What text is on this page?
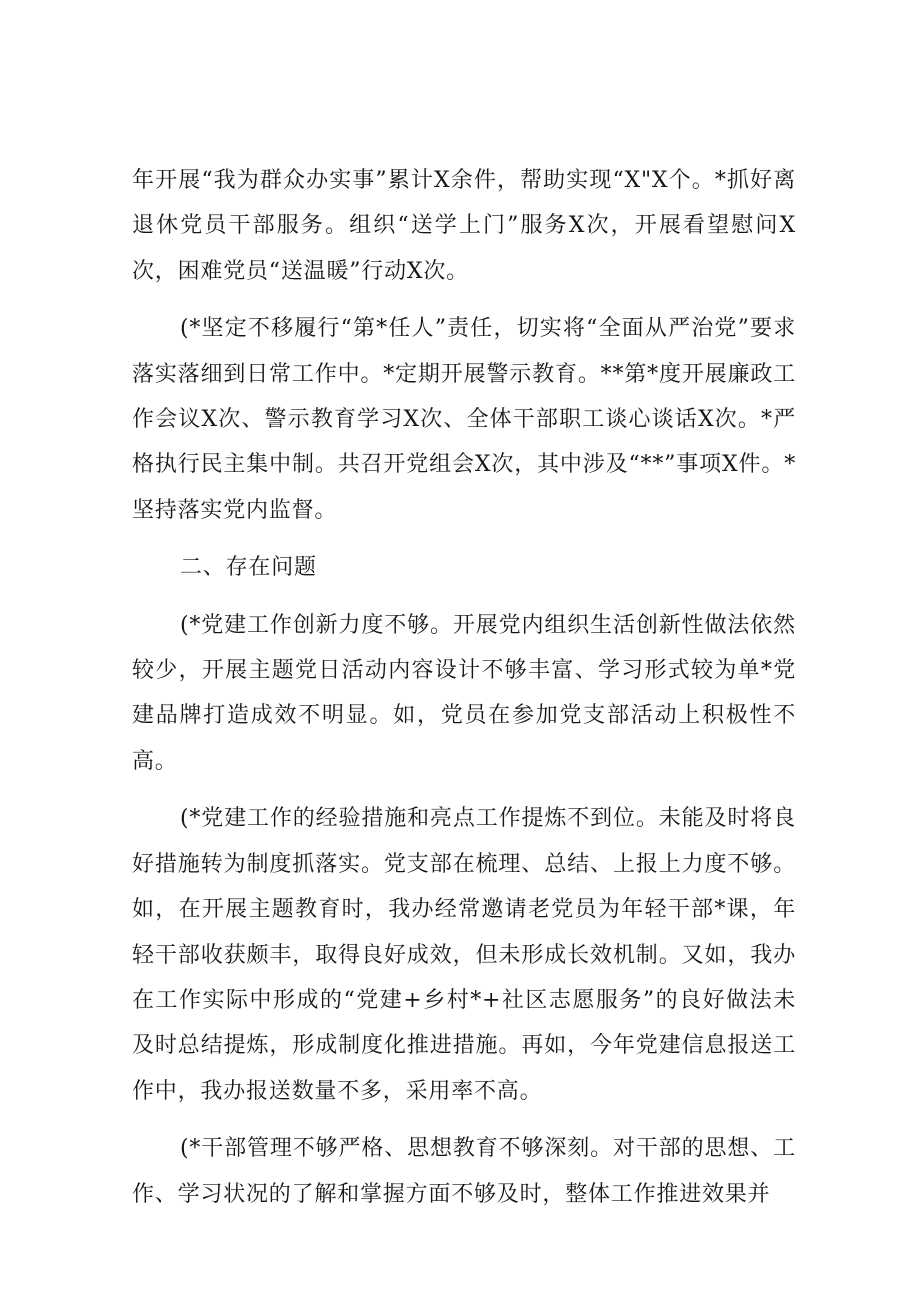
年开展“我为群众办实事”累计X余件，帮助实现“X"X个。*抓好离退休党员干部服务。组织“送学上门”服务X次，开展看望慰问X次，困难党员“送温暖”行动X次。

(*坚定不移履行“第*任人”责任，切实将“全面从严治党”要求落实落细到日常工作中。*定期开展警示教育。**第*度开展廉政工作会议X次、警示教育学习X次、全体干部职工谈心谈话X次。*严格执行民主集中制。共召开党组会X次，其中涉及“**”事项X件。*坚持落实党内监督。

二、存在问题

(*党建工作创新力度不够。开展党内组织生活创新性做法依然较少，开展主题党日活动内容设计不够丰富、学习形式较为单*党建品牌打造成效不明显。如，党员在参加党支部活动上积极性不高。

(*党建工作的经验措施和亮点工作提炼不到位。未能及时将良好措施转为制度抓落实。党支部在梳理、总结、上报上力度不够。如，在开展主题教育时，我办经常邀请老党员为年轻干部*课，年轻干部收获颇丰，取得良好成效，但未形成长效机制。又如，我办在工作实际中形成的“党建+乡村*+社区志愿服务”的良好做法未及时总结提炼，形成制度化推进措施。再如，今年党建信息报送工作中，我办报送数量不多，采用率不高。

(*干部管理不够严格、思想教育不够深刻。对干部的思想、工作、学习状况的了解和掌握方面不够及时，整体工作推进效果并
